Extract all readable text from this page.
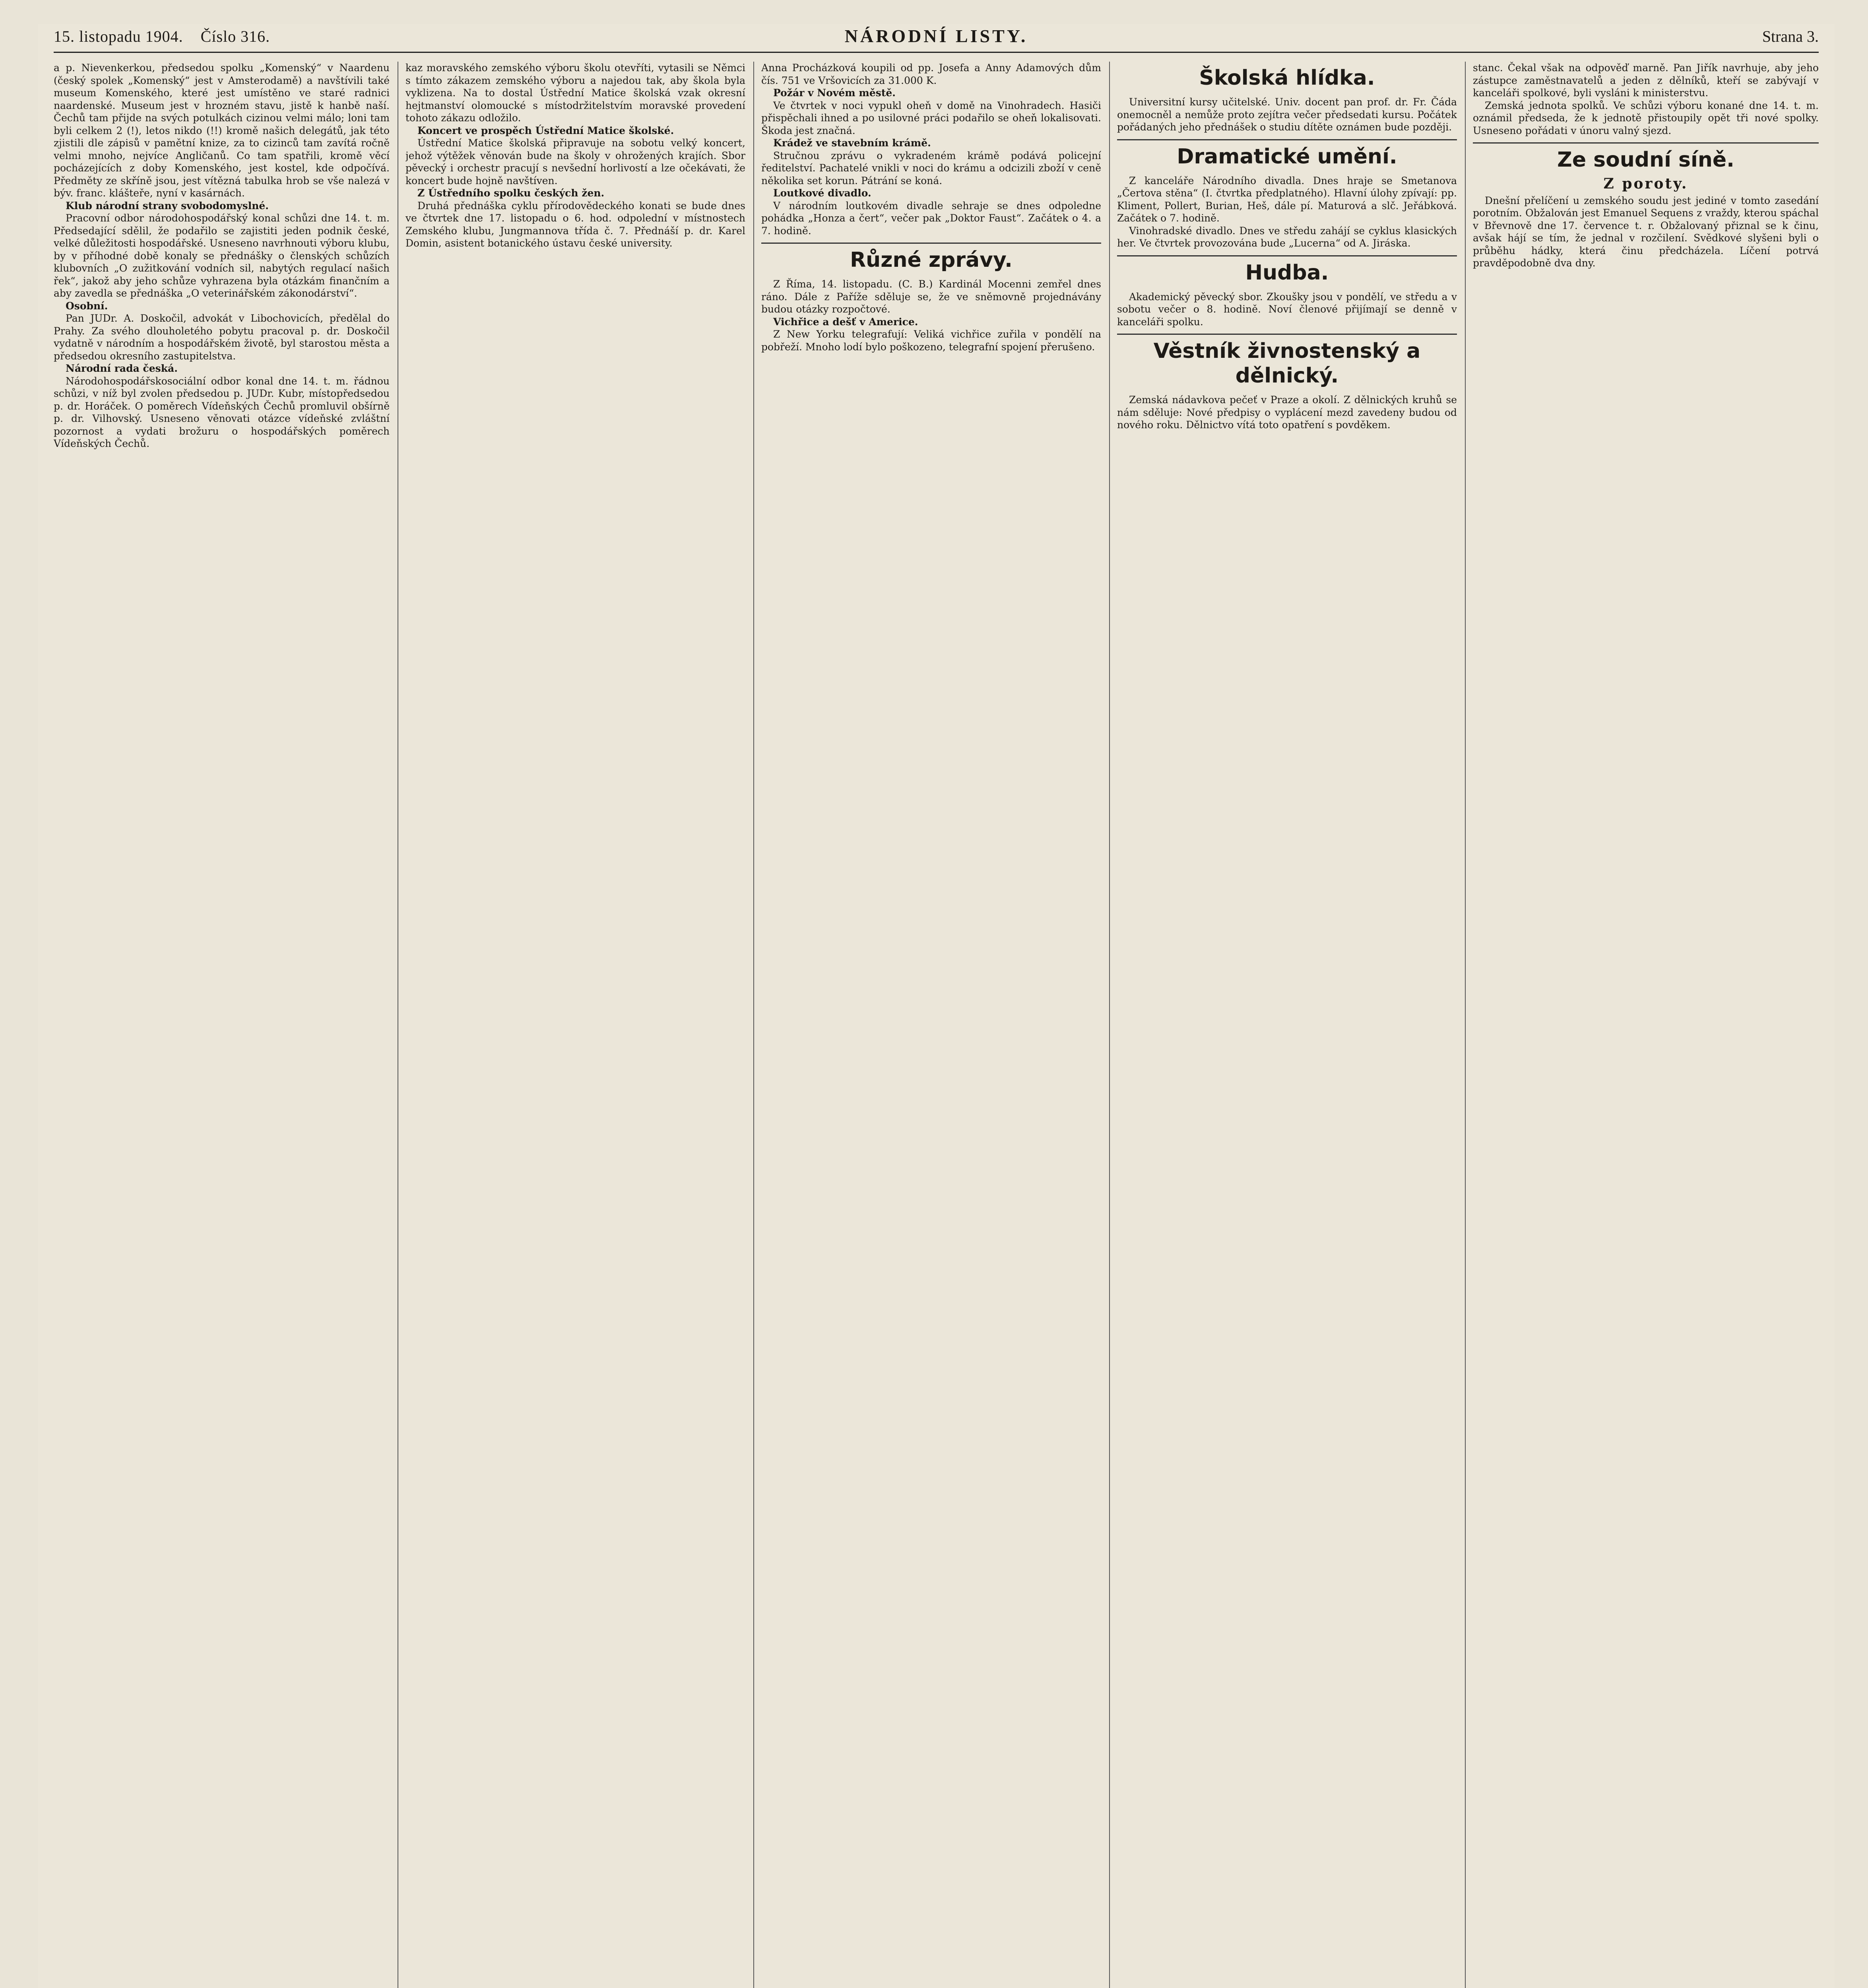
15. listopadu 1904. Číslo 316.	NÁRODNÍ LISTY.	Strana 3.

a p. Nievenkerkou, předsedou spolku „Komenský“ v Naardenu (český spolek „Komenský“ jest v Amsterodamě) a navštívili také museum Komenského, které jest umístěno ve staré radnici naardenské. Museum jest v hrozném stavu, jistě k hanbě naší. Čechů tam přijde na svých potulkách cizinou velmi málo; loni tam byli celkem 2 (!), letos nikdo (!!) kromě našich delegátů, jak této zjistili dle zápisů v pamětní knize, za to cizinců tam zavítá ročně velmi mnoho, nejvíce Angličanů. Co tam spatřili, kromě věcí pocházejících z doby Komenského, jest kostel, kde odpočívá. Předměty ze skříně jsou, jest vítězná tabulka hrob se vše nalezá v býv. franc. klášteře, nyní v kasárnách.

Klub národní strany svobodomyslné.

Pracovní odbor národohospodářský konal schůzi dne 14. t. m. Předsedající sdělil, že podařilo se zajistiti jeden podnik české, velké důležitosti hospodářské. Usneseno navrhnouti výboru klubu, by v příhodné době konaly se přednášky o členských schůzích klubovních „O zužitkování vodních sil, nabytých regulací našich řek“, jakož aby jeho schůze vyhrazena byla otázkám finančním a aby zavedla se přednáška „O veterinářském zákonodárství“.

Osobní.

Pan JUDr. A. Doskočil, advokát v Libochovicích, předělal do Prahy. Za svého dlouholetého pobytu pracoval p. dr. Doskočil vydatně v národním a hospodářském životě, byl starostou města a předsedou okresního zastupitelstva.

Národní rada česká.

Národohospodářskosociální odbor konal dne 14. t. m. řádnou schůzi, v níž byl zvolen předsedou p. JUDr. Kubr, místopředsedou p. dr. Horáček. O poměrech Vídeňských Čechů promluvil obšírně p. dr. Vilhovský. Usneseno věnovati otázce vídeňské zvláštní pozornost a vydati brožuru o hospodářských poměrech Vídeňských Čechů.

kaz moravského zemského výboru školu otevříti, vytasili se Němci s tímto zákazem zemského výboru a najedou tak, aby škola byla vyklizena. Na to dostal Ústřední Matice školská vzak okresní hejtmanství olomoucké s místodržitelstvím moravské provedení tohoto zákazu odložilo.

Koncert ve prospěch Ústřední Matice školské.

Ústřední Matice školská připravuje na sobotu velký koncert, jehož výtěžek věnován bude na školy v ohrožených krajích. Sbor pěvecký i orchestr pracují s nevšední horlivostí a lze očekávati, že koncert bude hojně navštíven.

Z Ústředního spolku českých žen.

Druhá přednáška cyklu přírodovědeckého konati se bude dnes ve čtvrtek dne 17. listopadu o 6. hod. odpolední v místnostech Zemského klubu, Jungmannova třída č. 7. Přednáší p. dr. Karel Domin, asistent botanického ústavu české university.

Anna Procházková koupili od pp. Josefa a Anny Adamových dům čís. 751 ve Vršovicích za 31.000 K.

Požár v Novém městě.

Ve čtvrtek v noci vypukl oheň v domě na Vinohradech. Hasiči přispěchali ihned a po usilovné práci podařilo se oheň lokalisovati. Škoda jest značná.

Krádež ve stavebním krámě.

Stručnou zprávu o vykradeném krámě podává policejní ředitelství. Pachatelé vnikli v noci do krámu a odcizili zboží v ceně několika set korun. Pátrání se koná.

Loutkové divadlo.

V národním loutkovém divadle sehraje se dnes odpoledne pohádka „Honza a čert“, večer pak „Doktor Faust“. Začátek o 4. a 7. hodině.

Různé zprávy.

Z Říma, 14. listopadu. (C. B.) Kardinál Mocenni zemřel dnes ráno. Dále z Paříže sděluje se, že ve sněmovně projednávány budou otázky rozpočtové.

Vichřice a dešť v Americe.

Z New Yorku telegrafují: Veliká vichřice zuřila v pondělí na pobřeží. Mnoho lodí bylo poškozeno, telegrafní spojení přerušeno.

Školská hlídka.

Universitní kursy učitelské. Univ. docent pan prof. dr. Fr. Čáda onemocněl a nemůže proto zejítra večer předsedati kursu. Počátek pořádaných jeho přednášek o studiu dítěte oznámen bude později.

Dramatické umění.

Z kanceláře Národního divadla. Dnes hraje se Smetanova „Čertova stěna“ (I. čtvrtka předplatného). Hlavní úlohy zpívají: pp. Kliment, Pollert, Burian, Heš, dále pí. Maturová a slč. Jeřábková. Začátek o 7. hodině.

Vinohradské divadlo. Dnes ve středu zahájí se cyklus klasických her. Ve čtvrtek provozována bude „Lucerna“ od A. Jiráska.

Hudba.

Akademický pěvecký sbor. Zkoušky jsou v pondělí, ve středu a v sobotu večer o 8. hodině. Noví členové přijímají se denně v kanceláři spolku.

Věstník živnostenský a dělnický.

Zemská nádavkova pečeť v Praze a okolí. Z dělnických kruhů se nám sděluje: Nové předpisy o vyplácení mezd zavedeny budou od nového roku. Dělnictvo vítá toto opatření s povděkem.

stanc. Čekal však na odpověď marně. Pan Jiřík navrhuje, aby jeho zástupce zaměstnavatelů a jeden z dělníků, kteří se zabývají v kanceláři spolkové, byli vysláni k ministerstvu.

Zemská jednota spolků. Ve schůzi výboru konané dne 14. t. m. oznámil předseda, že k jednotě přistoupily opět tři nové spolky. Usneseno pořádati v únoru valný sjezd.

Ze soudní síně.
Z poroty.

Dnešní přelíčení u zemského soudu jest jediné v tomto zasedání porotním. Obžalován jest Emanuel Sequens z vraždy, kterou spáchal v Břevnově dne 17. července t. r. Obžalovaný přiznal se k činu, avšak hájí se tím, že jednal v rozčilení. Svědkové slyšeni byli o průběhu hádky, která činu předcházela. Líčení potrvá pravděpodobně dva dny.
